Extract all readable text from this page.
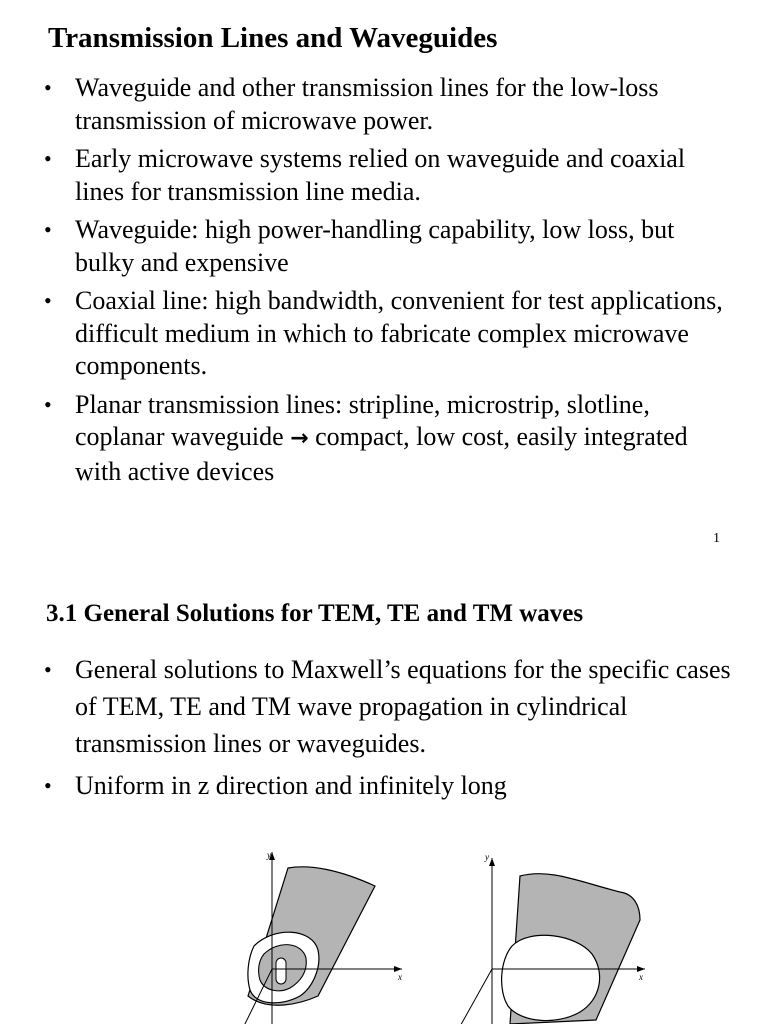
Transmission Lines and Waveguides
• Waveguide and other transmission lines for the low-loss transmission of microwave power.
• Early microwave systems relied on waveguide and coaxial lines for transmission line media.
• Waveguide: high power-handling capability, low loss, but bulky and expensive
• Coaxial line: high bandwidth, convenient for test applications, difficult medium in which to fabricate complex microwave components.
• Planar transmission lines: stripline, microstrip, slotline, coplanar waveguide → compact, low cost, easily integrated with active devices
1
3.1 General Solutions for TEM, TE and TM waves
• General solutions to Maxwell’s equations for the specific cases of TEM, TE and TM wave propagation in cylindrical transmission lines or waveguides.
• Uniform in z direction and infinitely long
y
x
y
x
